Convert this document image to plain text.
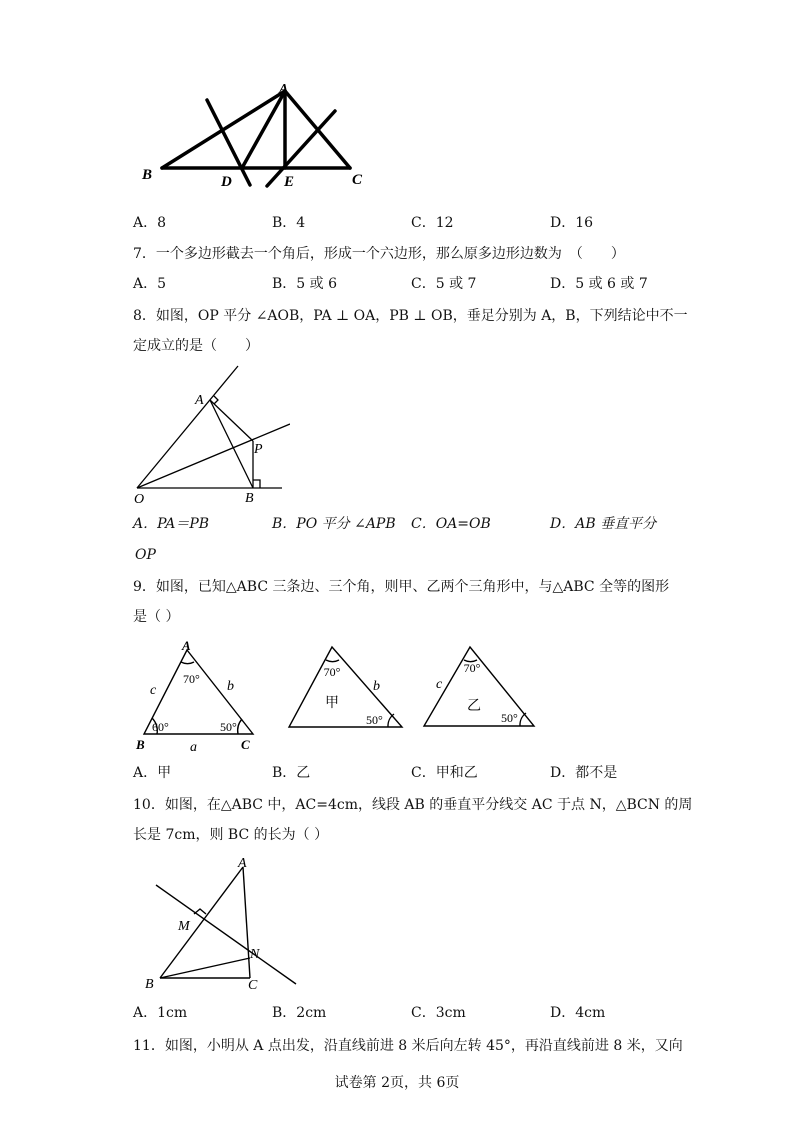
A
B	D	E	C
A．8	B．4	C．12	D．16
7．一个多边形截去一个角后，形成一个六边形，那么原多边形边数为　（　　）
A．5	B．5 或 6	C．5 或 7	D．5 或 6 或 7
8．如图，OP 平分 ∠AOB，PA ⊥ OA，PB ⊥ OB，垂足分别为 A，B，下列结论中不一
定成立的是（　　）
A
P
O	B
A．PA＝PB	B．PO 平分 ∠APB C．OA=OB	D．AB 垂直平分
OP
9．如图，已知△ABC 三条边、三个角，则甲、乙两个三角形中，与△ABC 全等的图形
是（ ）
A
B	C
c	b
a
70°
60°	50°
70°
b
甲
50°
70°
c
乙
50°
A．甲	B．乙	C．甲和乙	D．都不是
10．如图，在△ABC 中，AC=4cm，线段 AB 的垂直平分线交 AC 于点 N，△BCN 的周
长是 7cm，则 BC 的长为（ ）
A
M
N
B	C
A．1cm	B．2cm	C．3cm	D．4cm
11．如图，小明从 A 点出发，沿直线前进 8 米后向左转 45°，再沿直线前进 8 米，又向
试卷第 2页，共 6页
